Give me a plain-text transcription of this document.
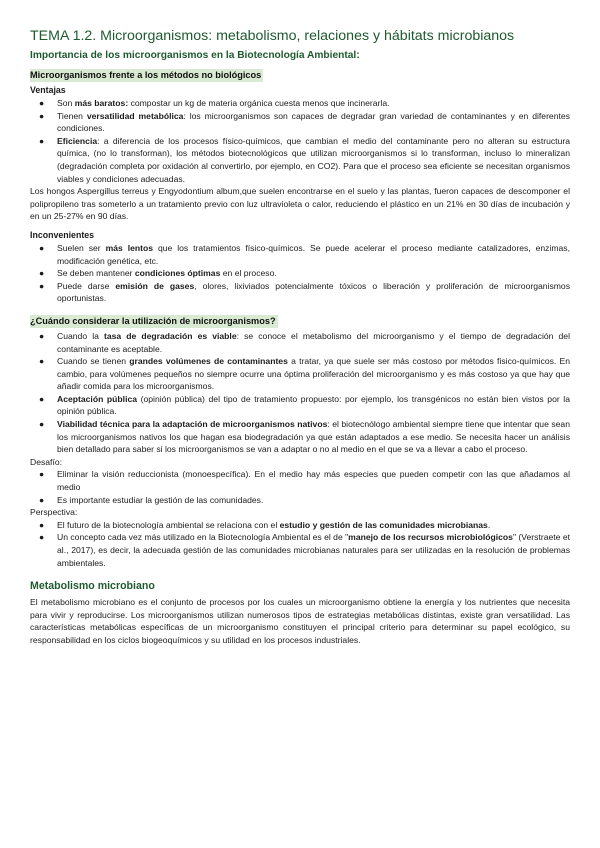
TEMA 1.2. Microorganismos: metabolismo, relaciones y hábitats microbianos
Importancia de los microorganismos en la Biotecnología Ambiental:
Microorganismos frente a los métodos no biológicos
Ventajas
● Son más baratos: compostar un kg de materia orgánica cuesta menos que incinerarla.
● Tienen versatilidad metabólica: los microorganismos son capaces de degradar gran variedad de contaminantes y en diferentes condiciones.
● Eficiencia: a diferencia de los procesos físico-químicos, que cambian el medio del contaminante pero no alteran su estructura química, (no lo transforman), los métodos biotecnológicos que utilizan microorganismos si lo transforman, incluso lo mineralizan (degradación completa por oxidación al convertirlo, por ejemplo, en CO2). Para que el proceso sea eficiente se necesitan organismos viables y condiciones adecuadas.

Los hongos Aspergillus terreus y Engyodontium album,que suelen encontrarse en el suelo y las plantas, fueron capaces de descomponer el polipropileno tras someterlo a un tratamiento previo con luz ultravioleta o calor, reduciendo el plástico en un 21% en 30 días de incubación y en un 25-27% en 90 días.

Inconvenientes
● Suelen ser más lentos que los tratamientos físico-químicos. Se puede acelerar el proceso mediante catalizadores, enzimas, modificación genética, etc.
● Se deben mantener condiciones óptimas en el proceso.
● Puede darse emisión de gases, olores, lixiviados potencialmente tóxicos o liberación y proliferación de microorganismos oportunistas.
¿Cuándo considerar la utilización de microorganismos?
● Cuando la tasa de degradación es viable: se conoce el metabolismo del microorganismo y el tiempo de degradación del contaminante es aceptable.
● Cuando se tienen grandes volúmenes de contaminantes a tratar, ya que suele ser más costoso por métodos fisico-químicos. En cambio, para volúmenes pequeños no siempre ocurre una óptima proliferación del microorganismo y es más costoso ya que hay que añadir comida para los microorganismos.
● Aceptación pública (opinión pública) del tipo de tratamiento propuesto: por ejemplo, los transgénicos no están bien vistos por la opinión pública.
● Viabilidad técnica para la adaptación de microorganismos nativos: el biotecnólogo ambiental siempre tiene que intentar que sean los microorganismos nativos los que hagan esa biodegradación ya que están adaptados a ese medio. Se necesita hacer un análisis bien detallado para saber si los microorganismos se van a adaptar o no al medio en el que se va a llevar a cabo el proceso.
Desafío:
● Eliminar la visión reduccionista (monoespecífica). En el medio hay más especies que pueden competir con las que añadamos al medio
● Es importante estudiar la gestión de las comunidades.
Perspectiva:
● El futuro de la biotecnología ambiental se relaciona con el estudio y gestión de las comunidades microbianas.
● Un concepto cada vez más utilizado en la Biotecnología Ambiental es el de "manejo de los recursos microbiológicos" (Verstraete et al., 2017), es decir, la adecuada gestión de las comunidades microbianas naturales para ser utilizadas en la resolución de problemas ambientales.
Metabolismo microbiano

El metabolismo microbiano es el conjunto de procesos por los cuales un microorganismo obtiene la energía y los nutrientes que necesita para vivir y reproducirse. Los microorganismos utilizan numerosos tipos de estrategias metabólicas distintas, existe gran versatilidad. Las características metabólicas específicas de un microorganismo constituyen el principal criterio para determinar su papel ecológico, su responsabilidad en los ciclos biogeoquímicos y su utilidad en los procesos industriales.
